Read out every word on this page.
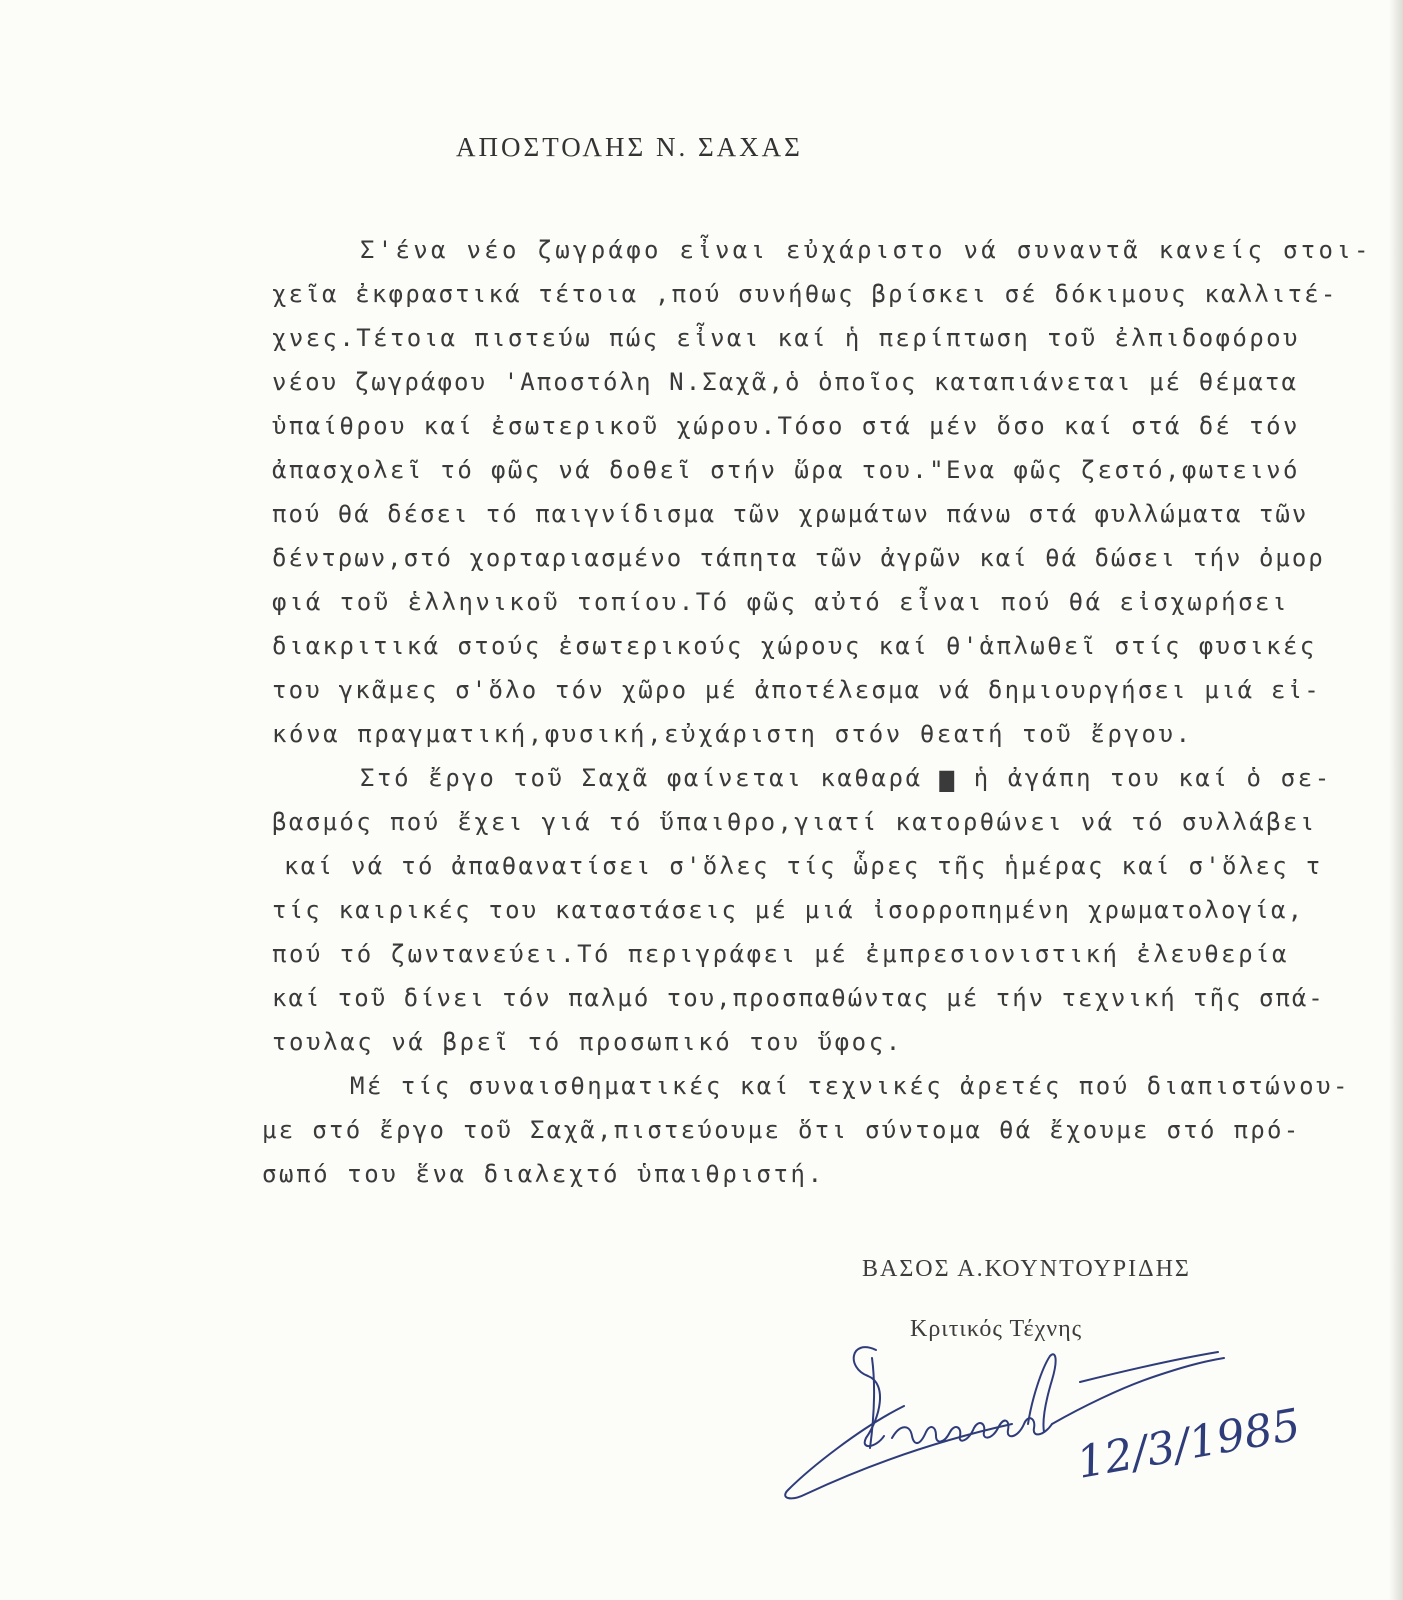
ΑΠΟΣΤΟΛΗΣ Ν. ΣΑΧΑΣ
Σ'ένα νέο ζωγράφο εἶναι εὐχάριστο νά συναντᾶ κανείς στοι-
χεῖα ἐκφραστικά τέτοια ,πού συνήθως βρίσκει σέ δόκιμους καλλιτέ-
χνες.Τέτοια πιστεύω πώς εἶναι καί ἡ περίπτωση τοῦ ἐλπιδοφόρου
νέου ζωγράφου 'Αποστόλη Ν.Σαχᾶ,ὁ ὁποῖος καταπιάνεται μέ θέματα
ὑπαίθρου καί ἐσωτερικοῦ χώρου.Τόσο στά μέν ὅσο καί στά δέ τόν
ἀπασχολεῖ τό φῶς νά δοθεῖ στήν ὥρα του."Ενα φῶς ζεστό,φωτεινό
πού θά δέσει τό παιγνίδισμα τῶν χρωμάτων πάνω στά φυλλώματα τῶν
δέντρων,στό χορταριασμένο τάπητα τῶν ἀγρῶν καί θά δώσει τήν ὀμορ
φιά τοῦ ἑλληνικοῦ τοπίου.Τό φῶς αὐτό εἶναι πού θά εἰσχωρήσει
διακριτικά στούς ἐσωτερικούς χώρους καί θ'ἁπλωθεῖ στίς φυσικές
του γκᾶμες σ'ὅλο τόν χῶρο μέ ἀποτέλεσμα νά δημιουργήσει μιά εἰ-
κόνα πραγματική,φυσική,εὐχάριστη στόν θεατή τοῦ ἔργου.
Στό ἔργο τοῦ Σαχᾶ φαίνεται καθαρά ▆ ἡ ἀγάπη του καί ὁ σε-
βασμός πού ἔχει γιά τό ὕπαιθρο,γιατί κατορθώνει νά τό συλλάβει
καί νά τό ἀπαθανατίσει σ'ὅλες τίς ὧρες τῆς ἡμέρας καί σ'ὅλες τ
τίς καιρικές του καταστάσεις μέ μιά ἰσορροπημένη χρωματολογία,
πού τό ζωντανεύει.Τό περιγράφει μέ ἐμπρεσιονιστική ἐλευθερία
καί τοῦ δίνει τόν παλμό του,προσπαθώντας μέ τήν τεχνική τῆς σπά-
τουλας νά βρεῖ τό προσωπικό του ὕφος.
Μέ τίς συναισθηματικές καί τεχνικές ἀρετές πού διαπιστώνου-
με στό ἔργο τοῦ Σαχᾶ,πιστεύουμε ὅτι σύντομα θά ἔχουμε στό πρό-
σωπό του ἕνα διαλεχτό ὑπαιθριστή.
ΒΑΣΟΣ Α.ΚΟΥΝΤΟΥΡΙΔΗΣ
Κριτικός Τέχνης
12/3/1985
